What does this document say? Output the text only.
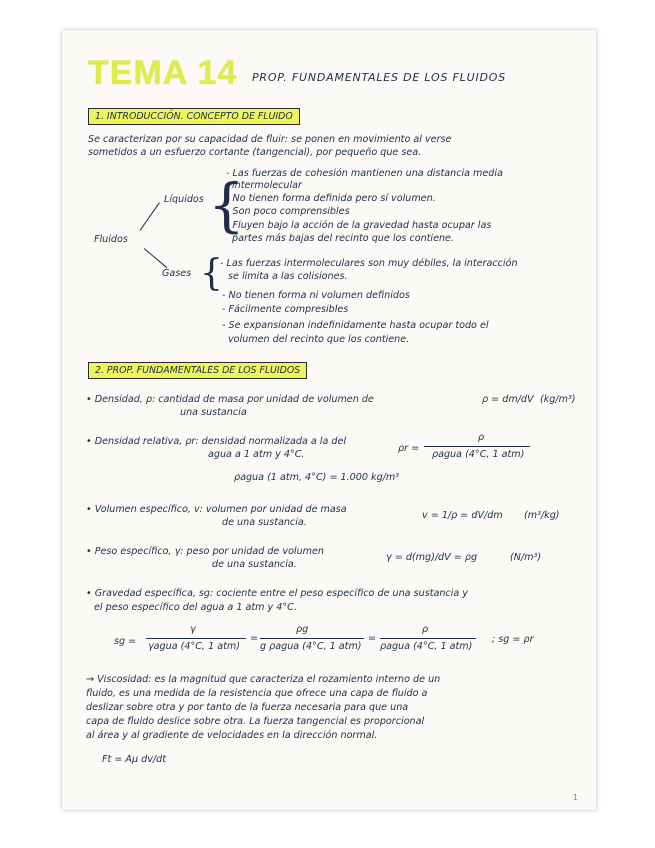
TEMA 14 PROP. FUNDAMENTALES DE LOS FLUIDOS
1. INTRODUCCIÓN. CONCEPTO DE FLUIDO
Se caracterizan por su capacidad de fluir: se ponen en movimiento al verse
sometidos a un esfuerzo cortante (tangencial), por pequeño que sea.
Fluidos
Líquidos {
- Las fuerzas de cohesión mantienen una distancia media
intermolecular
- No tienen forma definida pero sí volumen.
- Son poco comprensibles
- Fluyen bajo la acción de la gravedad hasta ocupar las
partes más bajas del recinto que los contiene.
Gases {
- Las fuerzas intermoleculares son muy débiles, la interacción
se limita a las colisiones.
- No tienen forma ni volumen definidos
- Fácilmente compresibles
- Se expansionan indefinidamente hasta ocupar todo el
volumen del recinto que los contiene.
2. PROP. FUNDAMENTALES DE LOS FLUIDOS
• Densidad, ρ: cantidad de masa por unidad de volumen de
una sustancia
ρ = dm/dV (kg/m³)
• Densidad relativa, ρr: densidad normalizada a la del
agua a 1 atm y 4°C.
ρr =
ρ
ρagua (4°C, 1 atm)
ρagua (1 atm, 4°C) = 1.000 kg/m³
• Volumen específico, v: volumen por unidad de masa
de una sustancia.
v = 1/ρ = dV/dm (m³/kg)
• Peso específico, γ: peso por unidad de volumen
de una sustancia.
γ = d(mg)/dV = ρg	(N/m³)
• Gravedad específica, sg: cociente entre el peso específico de una sustancia y
el peso específico del agua a 1 atm y 4°C.
sg =
γ
γagua (4°C, 1 atm)
=
ρg
g ρagua (4°C, 1 atm)
=
ρ
ρagua (4°C, 1 atm)
; sg = ρr
→ Viscosidad: es la magnitud que caracteriza el rozamiento interno de un
fluido, es una medida de la resistencia que ofrece una capa de fluido a
deslizar sobre otra y por tanto de la fuerza necesaria para que una
capa de fluido deslice sobre otra. La fuerza tangencial es proporcional
al área y al gradiente de velocidades en la dirección normal.
Ft = Aμ dv/dt
1
